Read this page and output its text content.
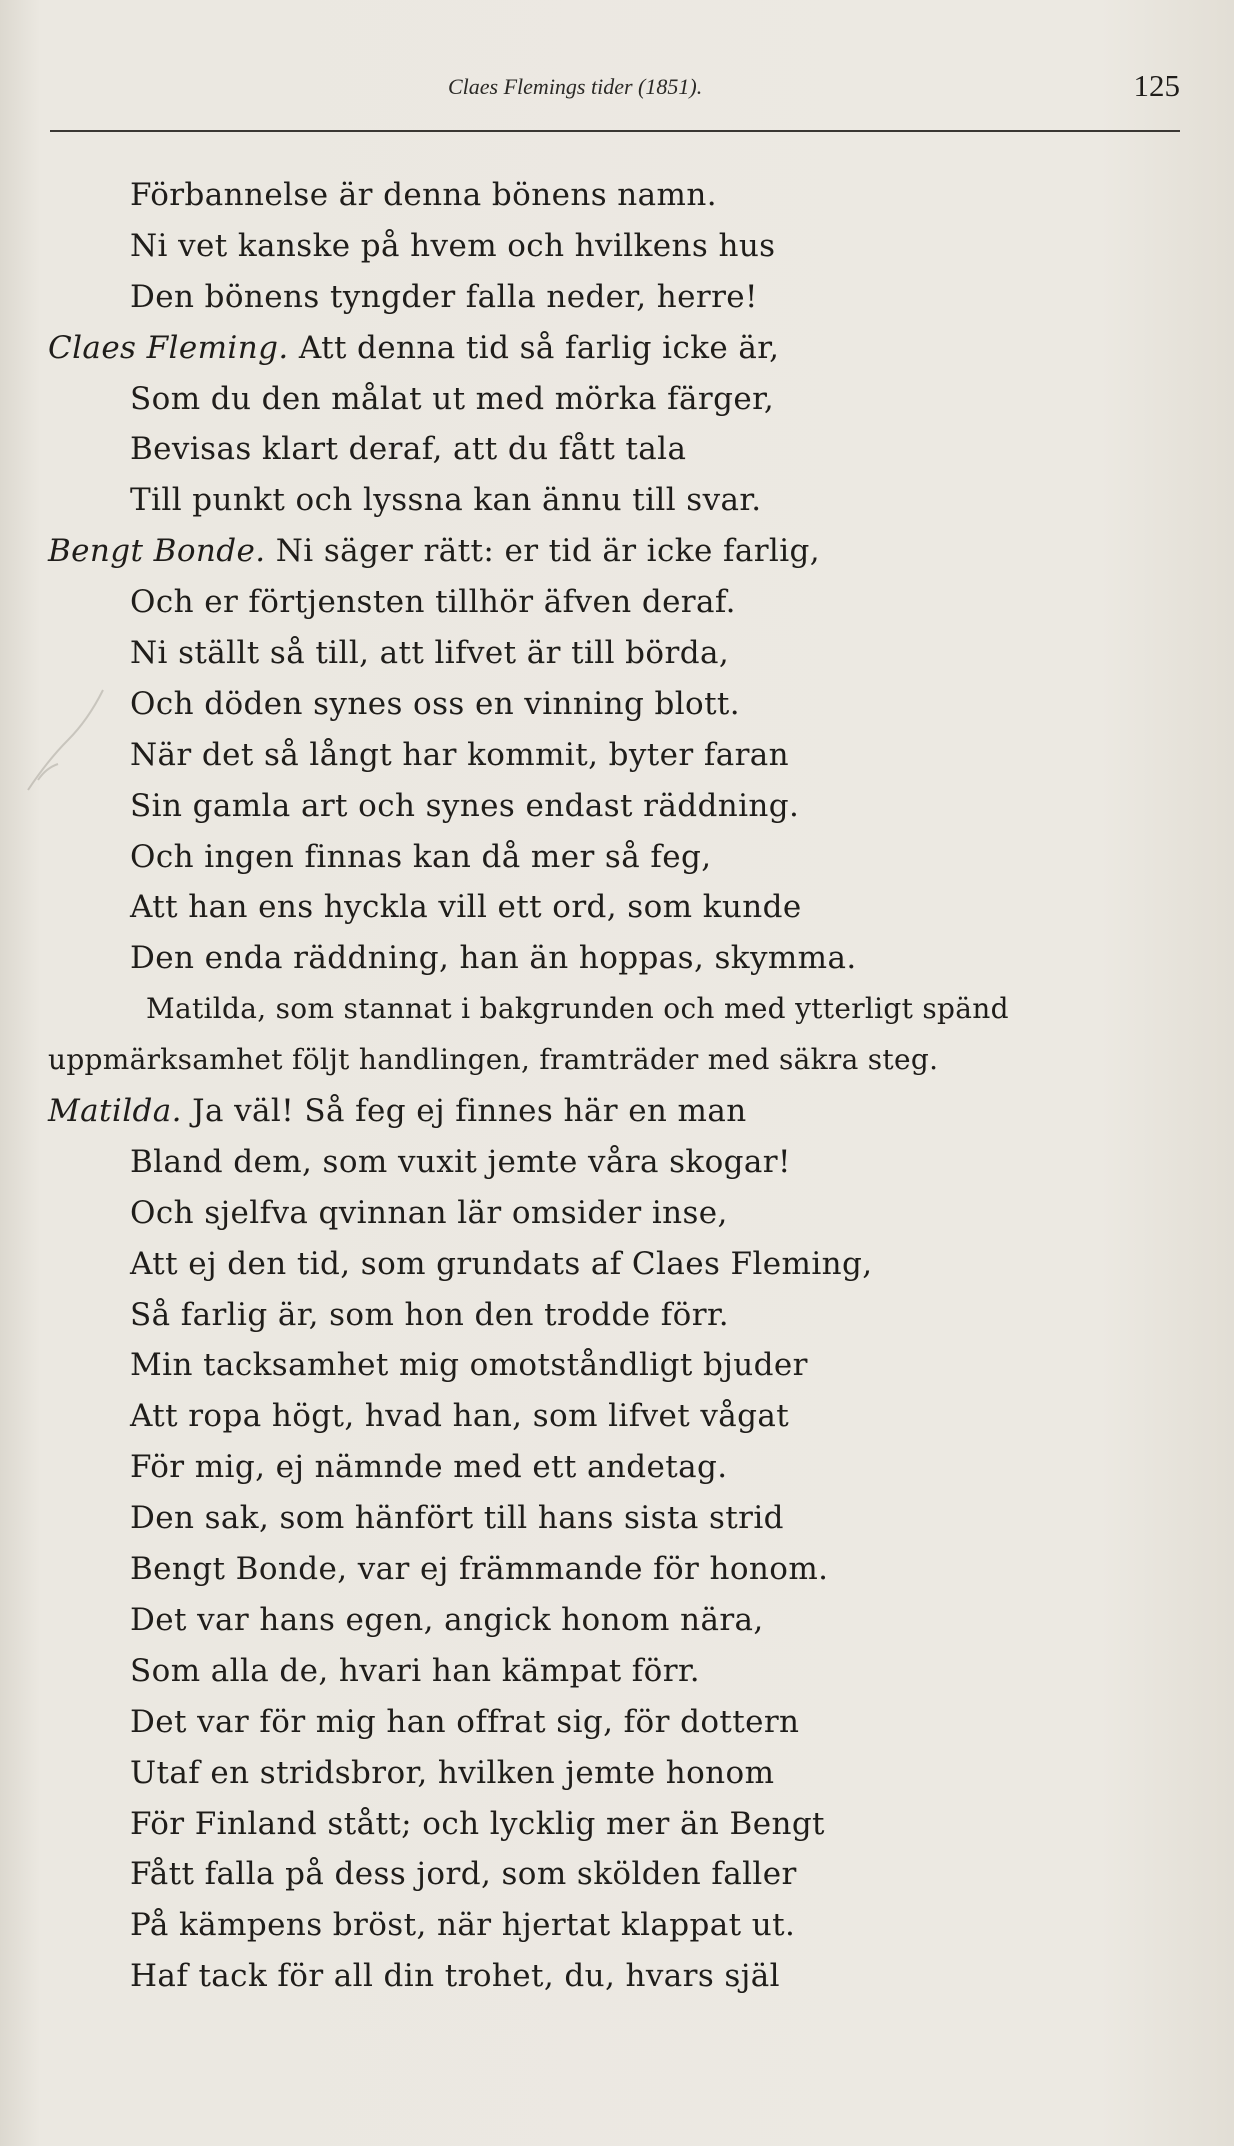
Claes Flemings tider (1851).	125
Förbannelse är denna bönens namn.
Ni vet kanske på hvem och hvilkens hus
Den bönens tyngder falla neder, herre!
Claes Fleming. Att denna tid så farlig icke är,
Som du den målat ut med mörka färger,
Bevisas klart deraf, att du fått tala
Till punkt och lyssna kan ännu till svar.
Bengt Bonde. Ni säger rätt: er tid är icke farlig,
Och er förtjensten tillhör äfven deraf.
Ni ställt så till, att lifvet är till börda,
Och döden synes oss en vinning blott.
När det så långt har kommit, byter faran
Sin gamla art och synes endast räddning.
Och ingen finnas kan då mer så feg,
Att han ens hyckla vill ett ord, som kunde
Den enda räddning, han än hoppas, skymma.
Matilda, som stannat i bakgrunden och med ytterligt spänd
uppmärksamhet följt handlingen, framträder med säkra steg.
Matilda. Ja väl! Så feg ej finnes här en man
Bland dem, som vuxit jemte våra skogar!
Och sjelfva qvinnan lär omsider inse,
Att ej den tid, som grundats af Claes Fleming,
Så farlig är, som hon den trodde förr.
Min tacksamhet mig omotståndligt bjuder
Att ropa högt, hvad han, som lifvet vågat
För mig, ej nämnde med ett andetag.
Den sak, som hänfört till hans sista strid
Bengt Bonde, var ej främmande för honom.
Det var hans egen, angick honom nära,
Som alla de, hvari han kämpat förr.
Det var för mig han offrat sig, för dottern
Utaf en stridsbror, hvilken jemte honom
För Finland stått; och lycklig mer än Bengt
Fått falla på dess jord, som skölden faller
På kämpens bröst, när hjertat klappat ut.
Haf tack för all din trohet, du, hvars själ
